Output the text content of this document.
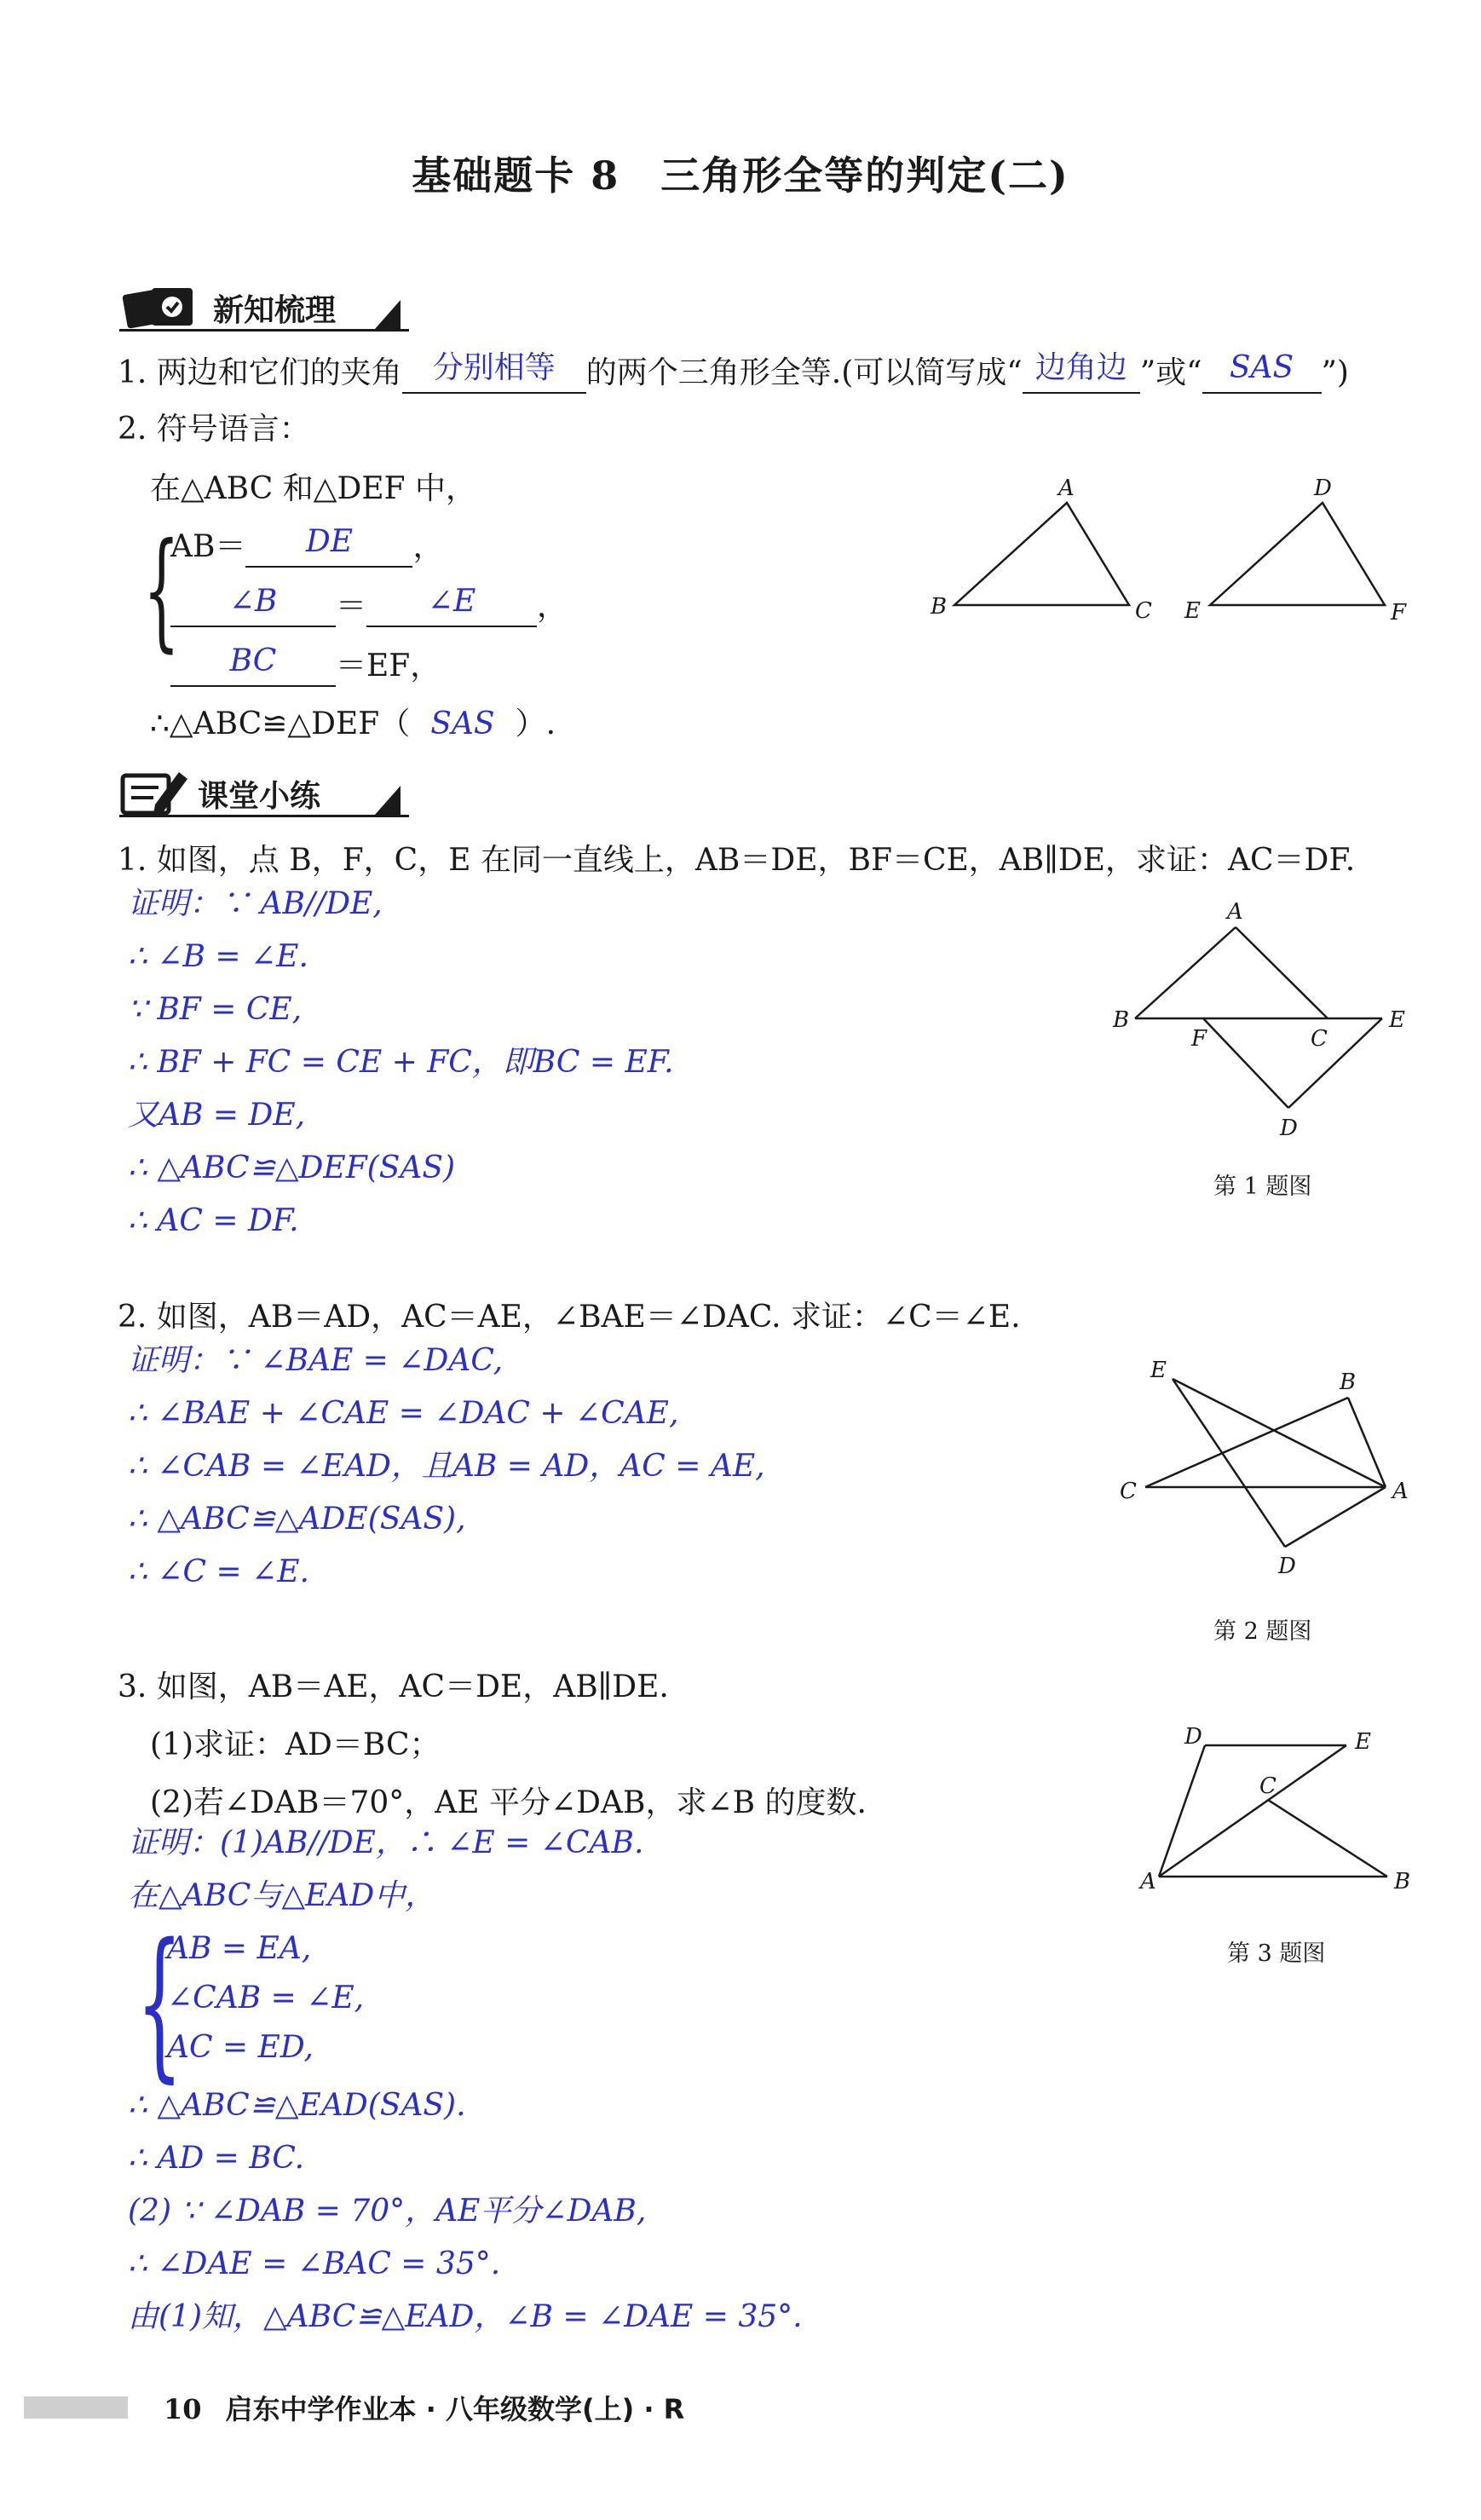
基础题卡 8　三角形全等的判定(二)
新知梳理
1. 两边和它们的夹角 分别相等 的两个三角形全等.(可以简写成“ 边角边 ”或“ SAS ”)
2. 符号语言：
在△ABC 和△DEF 中，
{
AB＝ DE ，
∠B ＝ ∠E ，
BC ＝EF，
∴△ABC≌△DEF（ SAS ）.
A
B	C
D
E	F
课堂小练
1. 如图，点 B，F，C，E 在同一直线上，AB＝DE，BF＝CE，AB∥DE，求证：AC＝DF.
证明：∵ AB//DE,
∴ ∠B = ∠E.
∵ BF = CE,
∴ BF + FC = CE + FC，即BC = EF.
又AB = DE,
∴ △ABC≌△DEF(SAS)
∴ AC = DF.
A
B
F	C
E
D
第 1 题图
2. 如图，AB＝AD，AC＝AE，∠BAE＝∠DAC. 求证：∠C＝∠E.
证明：∵ ∠BAE = ∠DAC,
∴ ∠BAE + ∠CAE = ∠DAC + ∠CAE,
∴ ∠CAB = ∠EAD，且AB = AD，AC = AE,
∴ △ABC≌△ADE(SAS),
∴ ∠C = ∠E.
E	B
C	A
D
第 2 题图
3. 如图，AB＝AE，AC＝DE，AB∥DE.
(1)求证：AD＝BC；
(2)若∠DAB＝70°，AE 平分∠DAB，求∠B 的度数.
证明：(1)AB//DE，∴ ∠E = ∠CAB.
在△ABC与△EAD中，
{
AB = EA,
∠CAB = ∠E,
AC = ED,
∴ △ABC≌△EAD(SAS).
∴ AD = BC.
(2) ∵ ∠DAB = 70°，AE平分∠DAB,
∴ ∠DAE = ∠BAC = 35°.
由(1)知，△ABC≌△EAD，∠B = ∠DAE = 35°.
D	E
C
A	B
第 3 题图
10 启东中学作业本 · 八年级数学(上) · R
